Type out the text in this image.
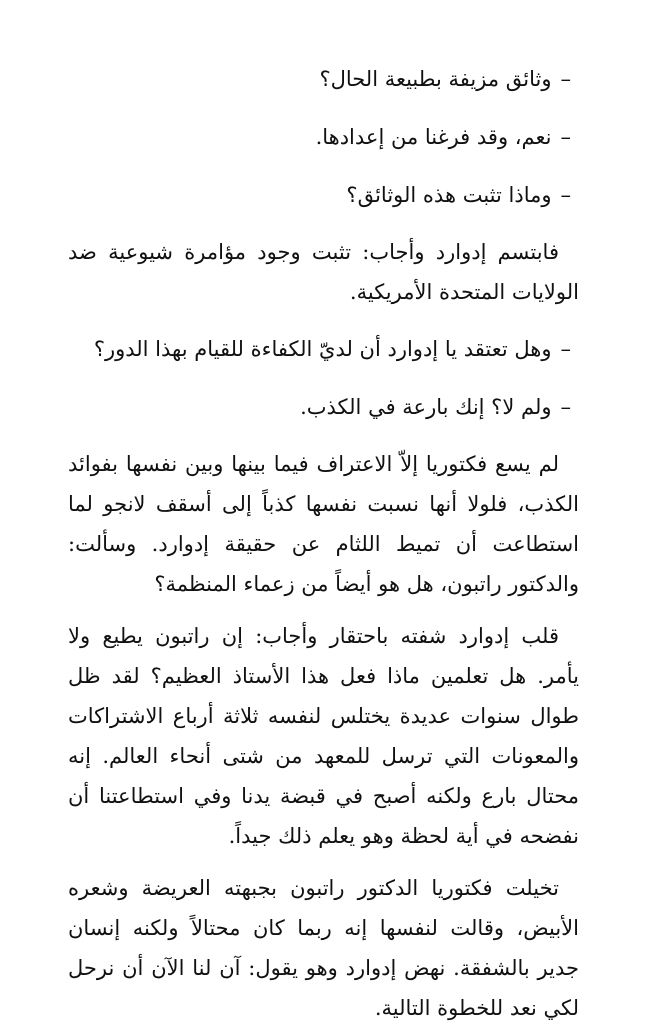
–وثائق مزيفة بطبيعة الحال؟

–نعم، وقد فرغنا من إعدادها.

–وماذا تثبت هذه الوثائق؟

فابتسم إدوارد وأجاب: تثبت وجود مؤامرة شيوعية ضد الولايات المتحدة الأمريكية.

–وهل تعتقد يا إدوارد أن لديّ الكفاءة للقيام بهذا الدور؟

–ولم لا؟ إنك بارعة في الكذب.

لم يسع فكتوريا إلاّ الاعتراف فيما بينها وبين نفسها بفوائد الكذب، فلولا أنها نسبت نفسها كذباً إلى أسقف لانجو لما استطاعت أن تميط اللثام عن حقيقة إدوارد. وسألت: والدكتور راتبون، هل هو أيضاً من زعماء المنظمة؟

قلب إدوارد شفته باحتقار وأجاب: إن راتبون يطيع ولا يأمر. هل تعلمين ماذا فعل هذا الأستاذ العظيم؟ لقد ظل طوال سنوات عديدة يختلس لنفسه ثلاثة أرباع الاشتراكات والمعونات التي ترسل للمعهد من شتى أنحاء العالم. إنه محتال بارع ولكنه أصبح في قبضة يدنا وفي استطاعتنا أن نفضحه في أية لحظة وهو يعلم ذلك جيداً.

تخيلت فكتوريا الدكتور راتبون بجبهته العريضة وشعره الأبيض، وقالت لنفسها إنه ربما كان محتالاً ولكنه إنسان جدير بالشفقة. نهض إدوارد وهو يقول: آن لنا الآن أن نرحل لكي نعد للخطوة التالية.
